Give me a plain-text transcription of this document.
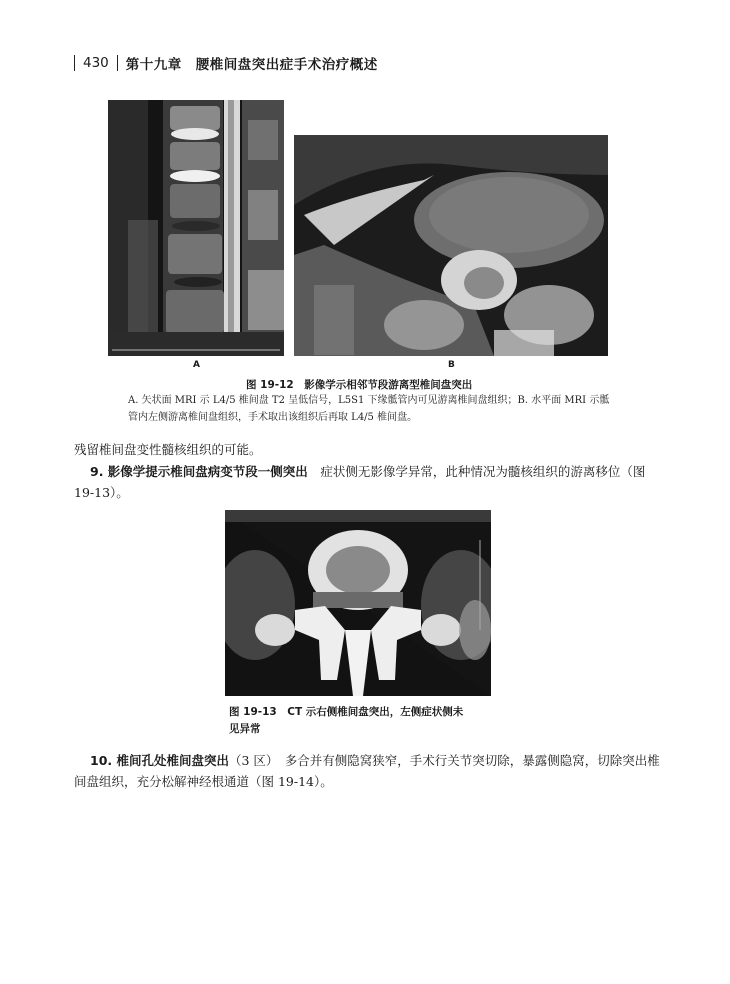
430 第十九章　腰椎间盘突出症手术治疗概述
A	B
图 19-12　影像学示相邻节段游离型椎间盘突出
A. 矢状面 MRI 示 L4/5 椎间盘 T2 呈低信号，L5S1 下缘骶管内可见游离椎间盘组织；B. 水平面 MRI 示骶
管内左侧游离椎间盘组织，手术取出该组织后再取 L4/5 椎间盘。
残留椎间盘变性髓核组织的可能。
9. 影像学提示椎间盘病变节段一侧突出　症状侧无影像学异常，此种情况为髓核组织的游离移位（图
19-13）。
图 19-13　CT 示右侧椎间盘突出，左侧症状侧未
见异常
10. 椎间孔处椎间盘突出（3 区）　多合并有侧隐窝狭窄，手术行关节突切除，暴露侧隐窝，切除突出椎
间盘组织，充分松解神经根通道（图 19-14）。
